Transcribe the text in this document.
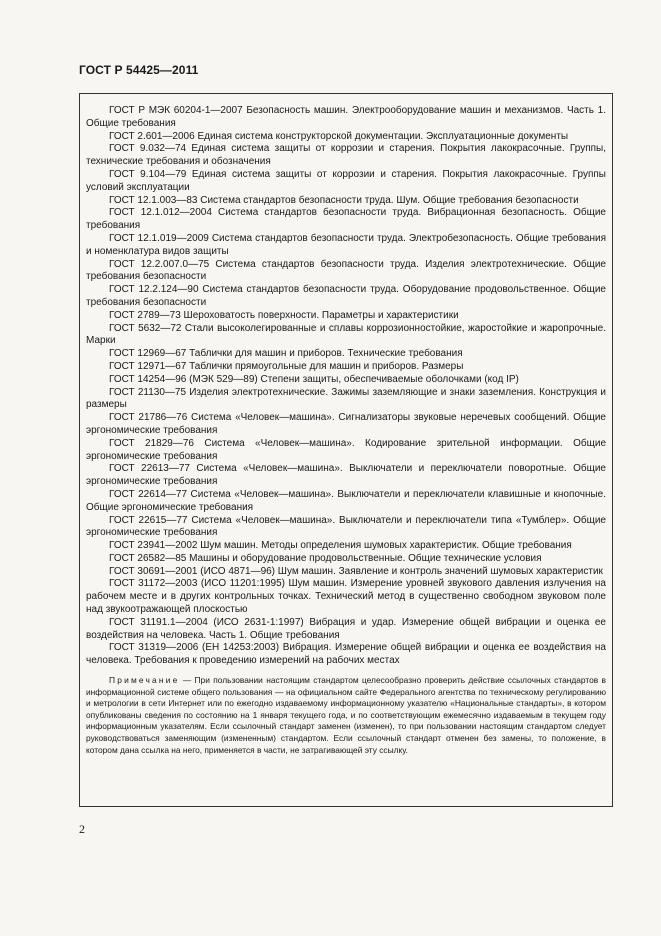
ГОСТ Р 54425—2011
ГОСТ Р МЭК 60204-1—2007 Безопасность машин. Электрооборудование машин и механизмов. Часть 1. Общие требования
ГОСТ 2.601—2006 Единая система конструкторской документации. Эксплуатационные документы
ГОСТ 9.032—74 Единая система защиты от коррозии и старения. Покрытия лакокрасочные. Группы, технические требования и обозначения
ГОСТ 9.104—79 Единая система защиты от коррозии и старения. Покрытия лакокрасочные. Группы условий эксплуатации
ГОСТ 12.1.003—83 Система стандартов безопасности труда. Шум. Общие требования безопасности
ГОСТ 12.1.012—2004 Система стандартов безопасности труда. Вибрационная безопасность. Общие требования
ГОСТ 12.1.019—2009 Система стандартов безопасности труда. Электробезопасность. Общие требования и номенклатура видов защиты
ГОСТ 12.2.007.0—75 Система стандартов безопасности труда. Изделия электротехнические. Общие требования безопасности
ГОСТ 12.2.124—90 Система стандартов безопасности труда. Оборудование продовольственное. Общие требования безопасности
ГОСТ 2789—73 Шероховатость поверхности. Параметры и характеристики
ГОСТ 5632—72 Стали высоколегированные и сплавы коррозионностойкие, жаростойкие и жаропрочные. Марки
ГОСТ 12969—67 Таблички для машин и приборов. Технические требования
ГОСТ 12971—67 Таблички прямоугольные для машин и приборов. Размеры
ГОСТ 14254—96 (МЭК 529—89) Степени защиты, обеспечиваемые оболочками (код IP)
ГОСТ 21130—75 Изделия электротехнические. Зажимы заземляющие и знаки заземления. Конструкция и размеры
ГОСТ 21786—76 Система «Человек—машина». Сигнализаторы звуковые неречевых сообщений. Общие эргономические требования
ГОСТ 21829—76 Система «Человек—машина». Кодирование зрительной информации. Общие эргономические требования
ГОСТ 22613—77 Система «Человек—машина». Выключатели и переключатели поворотные. Общие эргономические требования
ГОСТ 22614—77 Система «Человек—машина». Выключатели и переключатели клавишные и кнопочные. Общие эргономические требования
ГОСТ 22615—77 Система «Человек—машина». Выключатели и переключатели типа «Тумблер». Общие эргономические требования
ГОСТ 23941—2002 Шум машин. Методы определения шумовых характеристик. Общие требования
ГОСТ 26582—85 Машины и оборудование продовольственные. Общие технические условия
ГОСТ 30691—2001 (ИСО 4871—96) Шум машин. Заявление и контроль значений шумовых характеристик
ГОСТ 31172—2003 (ИСО 11201:1995) Шум машин. Измерение уровней звукового давления излучения на рабочем месте и в других контрольных точках. Технический метод в существенно свободном звуковом поле над звукоотражающей плоскостью
ГОСТ 31191.1—2004 (ИСО 2631-1:1997) Вибрация и удар. Измерение общей вибрации и оценка ее воздействия на человека. Часть 1. Общие требования
ГОСТ 31319—2006 (ЕН 14253:2003) Вибрация. Измерение общей вибрации и оценка ее воздействия на человека. Требования к проведению измерений на рабочих местах

Примечание — При пользовании настоящим стандартом целесообразно проверить действие ссылочных стандартов в информационной системе общего пользования — на официальном сайте Федерального агентства по техническому регулированию и метрологии в сети Интернет или по ежегодно издаваемому информационному указателю «Национальные стандарты», в котором опубликованы сведения по состоянию на 1 января текущего года, и по соответствующим ежемесячно издаваемым в текущем году информационным указателям. Если ссылочный стандарт заменен (изменен), то при пользовании настоящим стандартом следует руководствоваться заменяющим (измененным) стандартом. Если ссылочный стандарт отменен без замены, то положение, в котором дана ссылка на него, применяется в части, не затрагивающей эту ссылку.

2
